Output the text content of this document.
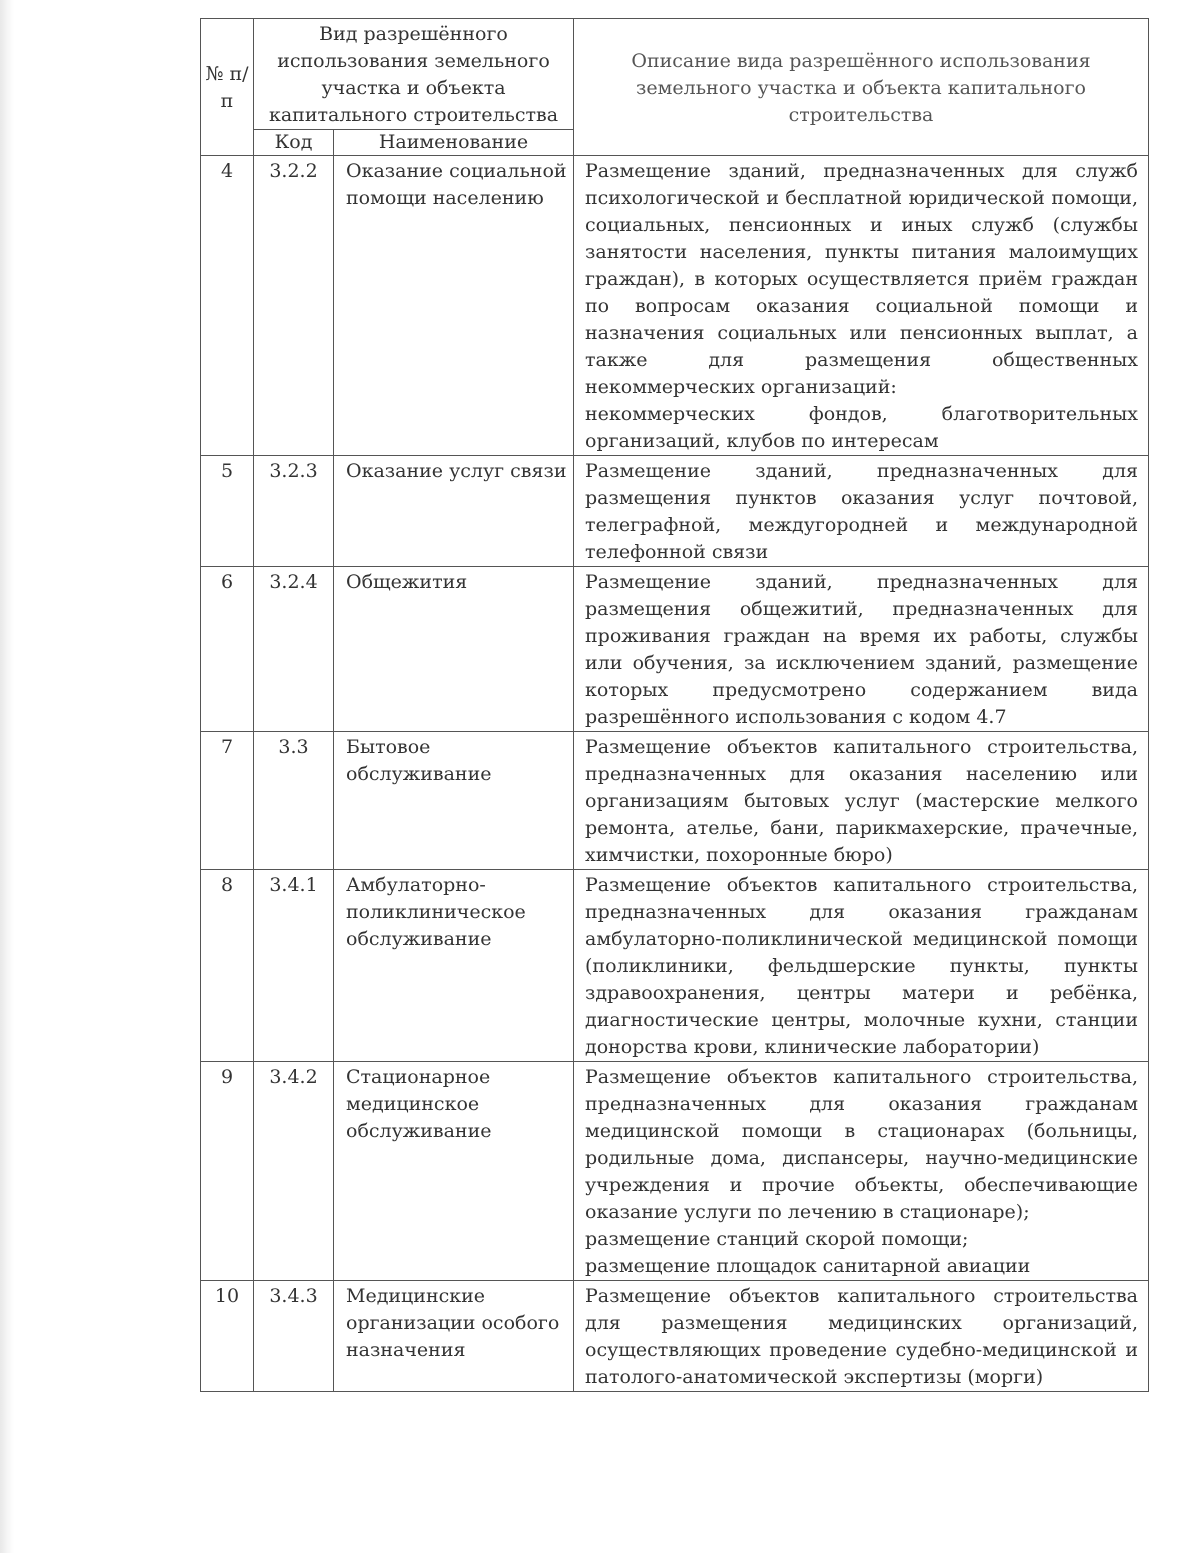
№ п/п	Вид разрешённого использования земельного участка и объекта капитального строительства		Описание вида разрешённого использования земельного участка и объекта капитального строительства
	Код	Наименование	
4	3.2.2	Оказание социальной помощи населению	Размещение зданий, предназначенных для служб психологической и бесплатной юридической помощи, социальных, пенсионных и иных служб (службы занятости населения, пункты питания малоимущих граждан), в которых осуществляется приём граждан по вопросам оказания социальной помощи и назначения социальных или пенсионных выплат, а также для размещения общественных некоммерческих организаций:
некоммерческих фондов, благотворительных организаций, клубов по интересам

5	3.2.3	Оказание услуг связи	Размещение зданий, предназначенных для размещения пунктов оказания услуг почтовой, телеграфной, междугородней и международной телефонной связи

6	3.2.4	Общежития	Размещение зданий, предназначенных для размещения общежитий, предназначенных для проживания граждан на время их работы, службы или обучения, за исключением зданий, размещение которых предусмотрено содержанием вида разрешённого использования с кодом 4.7

7	3.3	Бытовое обслуживание	Размещение объектов капитального строительства, предназначенных для оказания населению или организациям бытовых услуг (мастерские мелкого ремонта, ателье, бани, парикмахерские, прачечные, химчистки, похоронные бюро)

8	3.4.1	Амбулаторно-поликлиническое обслуживание	Размещение объектов капитального строительства, предназначенных для оказания гражданам амбулаторно-поликлинической медицинской помощи (поликлиники, фельдшерские пункты, пункты здравоохранения, центры матери и ребёнка, диагностические центры, молочные кухни, станции донорства крови, клинические лаборатории)

9	3.4.2	Стационарное медицинское обслуживание	Размещение объектов капитального строительства, предназначенных для оказания гражданам медицинской помощи в стационарах (больницы, родильные дома, диспансеры, научно-медицинские учреждения и прочие объекты, обеспечивающие оказание услуги по лечению в стационаре);
размещение станций скорой помощи;
размещение площадок санитарной авиации

10	3.4.3	Медицинские организации особого назначения	Размещение объектов капитального строительства для размещения медицинских организаций, осуществляющих проведение судебно-медицинской и патолого-анатомической экспертизы (морги)
